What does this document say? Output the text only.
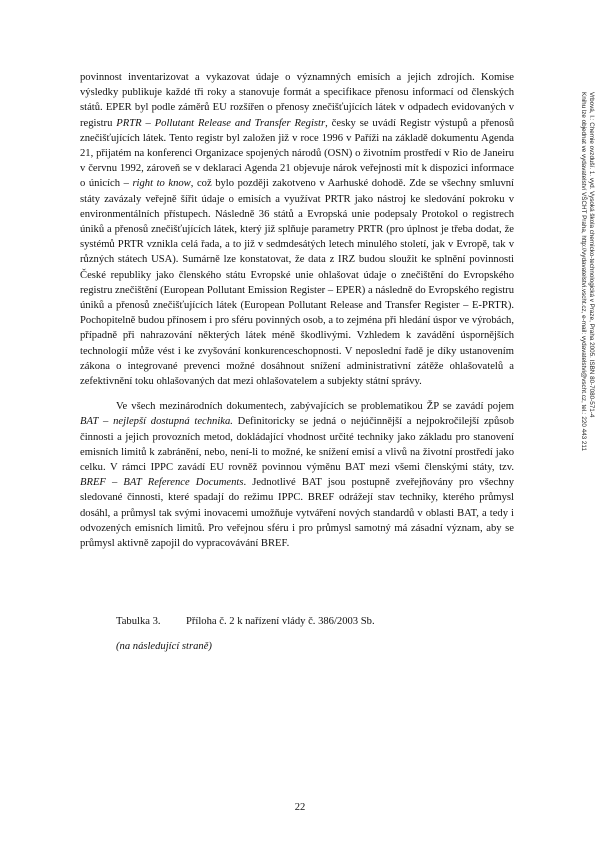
povinnost inventarizovat a vykazovat údaje o významných emisích a jejich zdrojích. Komise výsledky publikuje každé tři roky a stanovuje formát a specifikace přenosu informací od členských států. EPER byl podle záměrů EU rozšířen o přenosy znečišťujících látek v odpadech evidovaných v registru PRTR – Pollutant Release and Transfer Registr, česky se uvádí Registr výstupů a přenosů znečišťujících látek. Tento registr byl založen již v roce 1996 v Paříži na základě dokumentu Agenda 21, přijatém na konferenci Organizace spojených národů (OSN) o životním prostředí v Rio de Janeiru v červnu 1992, zároveň se v deklaraci Agenda 21 objevuje nárok veřejnosti mít k dispozici informace o únicích – right to know, což bylo později zakotveno v Aarhuské dohodě. Zde se všechny smluvní státy zavázaly veřejně šířit údaje o emisích a využívat PRTR jako nástroj ke sledování pokroku v environmentálních přístupech. Následně 36 států a Evropská unie podepsaly Protokol o registrech úniků a přenosů znečišťujících látek, který již splňuje parametry PRTR (pro úplnost je třeba dodat, že systémů PRTR vznikla celá řada, a to již v sedmdesátých letech minulého století, jak v Evropě, tak v různých státech USA). Sumárně lze konstatovat, že data z IRZ budou sloužit ke splnění povinnosti České republiky jako členského státu Evropské unie ohlašovat údaje o znečištění do Evropského registru znečištění (European Pollutant Emission Register – EPER) a následně do Evropského registru úniků a přenosů znečišťujících látek (European Pollutant Release and Transfer Register – E-PRTR). Pochopitelně budou přínosem i pro sféru povinných osob, a to zejména při hledání úspor ve výrobách, případně při nahrazování některých látek méně škodlivými. Vzhledem k zavádění úspornějších technologií může vést i ke zvyšování konkurenceschopnosti. V neposlední řadě je díky ustanovením zákona o integrované prevenci možné dosáhnout snížení administrativní zátěže ohlašovatelů a zefektivnění toku ohlašovaných dat mezi ohlašovatelem a subjekty státní správy.

Ve všech mezinárodních dokumentech, zabývajících se problematikou ŽP se zavádí pojem BAT – nejlepší dostupná technika. Definitoricky se jedná o nejúčinnější a nejpokročilejší způsob činnosti a jejich provozních metod, dokládající vhodnost určité techniky jako základu pro stanovení emisních limitů k zabránění, nebo, není-li to možné, ke snížení emisí a vlivů na životní prostředí jako celku. V rámci IPPC zavádí EU rovněž povinnou výměnu BAT mezi všemi členskými státy, tzv. BREF – BAT Reference Documents. Jednotlivé BAT jsou postupně zveřejňovány pro všechny sledované činnosti, které spadají do režimu IPPC. BREF odrážejí stav techniky, kterého průmysl dosáhl, a průmysl tak svými inovacemi umožňuje vytváření nových standardů v oblasti BAT, a tedy i odvozených emisních limitů. Pro veřejnou sféru i pro průmysl samotný má zásadní význam, aby se průmysl aktivně zapojil do vypracovávání BREF.

Tabulka 3. Příloha č. 2 k nařízení vlády č. 386/2003 Sb.
(na následující straně)
22
Vrbová, I.: Chemie ovzduší. 1. vyd. Vysoká škola chemicko-technologická v Praze, Praha 2005. ISBN 80-7080-571-4
Knihu lze objednat ve vydavatelství VŠCHT Praha, http://vydavatelstvi.vscht.cz, e-mail: vydavatelstvi@vscht.cz, tel.: 220 443 211
